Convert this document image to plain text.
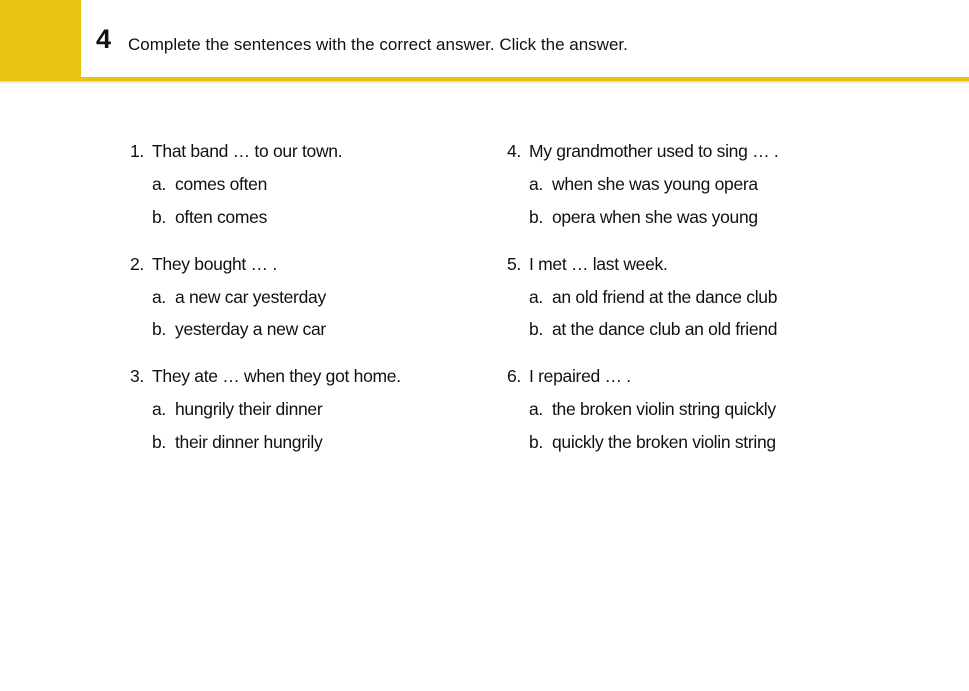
4 Complete the sentences with the correct answer. Click the answer.
1. That band … to our town.
a. comes often
b. often comes
2. They bought … .
a. a new car yesterday
b. yesterday a new car
3. They ate … when they got home.
a. hungrily their dinner
b. their dinner hungrily
4. My grandmother used to sing … .
a. when she was young opera
b. opera when she was young
5. I met … last week.
a. an old friend at the dance club
b. at the dance club an old friend
6. I repaired … .
a. the broken violin string quickly
b. quickly the broken violin string
